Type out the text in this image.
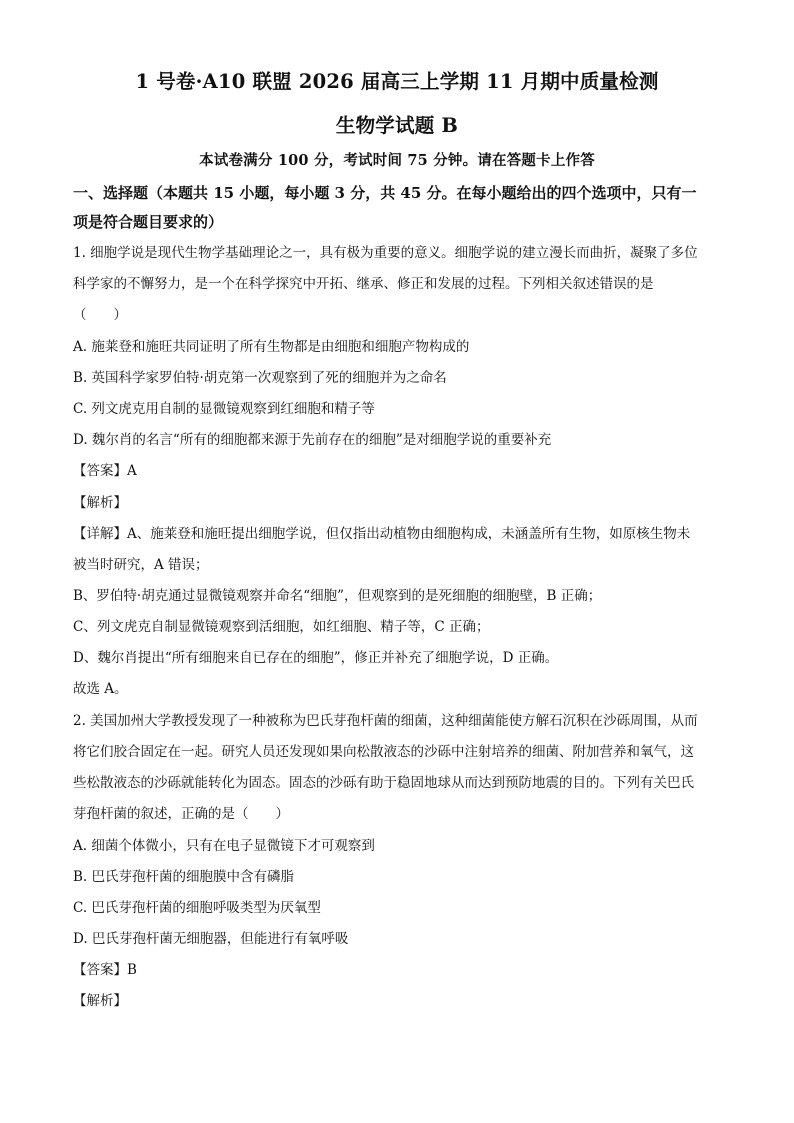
1 号卷·A10 联盟 2026 届高三上学期 11 月期中质量检测
生物学试题 B
本试卷满分 100 分，考试时间 75 分钟。请在答题卡上作答
一、选择题（本题共 15 小题，每小题 3 分，共 45 分。在每小题给出的四个选项中，只有一
项是符合题目要求的）
1. 细胞学说是现代生物学基础理论之一，具有极为重要的意义。细胞学说的建立漫长而曲折，凝聚了多位
科学家的不懈努力，是一个在科学探究中开拓、继承、修正和发展的过程。下列相关叙述错误的是
（　　）
A. 施莱登和施旺共同证明了所有生物都是由细胞和细胞产物构成的
B. 英国科学家罗伯特·胡克第一次观察到了死的细胞并为之命名
C. 列文虎克用自制的显微镜观察到红细胞和精子等
D. 魏尔肖的名言“所有的细胞都来源于先前存在的细胞”是对细胞学说的重要补充
【答案】A
【解析】
【详解】A、施莱登和施旺提出细胞学说，但仅指出动植物由细胞构成，未涵盖所有生物，如原核生物未
被当时研究，A 错误；
B、罗伯特·胡克通过显微镜观察并命名“细胞”，但观察到的是死细胞的细胞壁，B 正确；
C、列文虎克自制显微镜观察到活细胞，如红细胞、精子等，C 正确；
D、魏尔肖提出“所有细胞来自已存在的细胞”，修正并补充了细胞学说，D 正确。
故选 A。
2. 美国加州大学教授发现了一种被称为巴氏芽孢杆菌的细菌，这种细菌能使方解石沉积在沙砾周围，从而
将它们胶合固定在一起。研究人员还发现如果向松散液态的沙砾中注射培养的细菌、附加营养和氧气，这
些松散液态的沙砾就能转化为固态。固态的沙砾有助于稳固地球从而达到预防地震的目的。下列有关巴氏
芽孢杆菌的叙述，正确的是（　　）
A. 细菌个体微小，只有在电子显微镜下才可观察到
B. 巴氏芽孢杆菌的细胞膜中含有磷脂
C. 巴氏芽孢杆菌的细胞呼吸类型为厌氧型
D. 巴氏芽孢杆菌无细胞器，但能进行有氧呼吸
【答案】B
【解析】
